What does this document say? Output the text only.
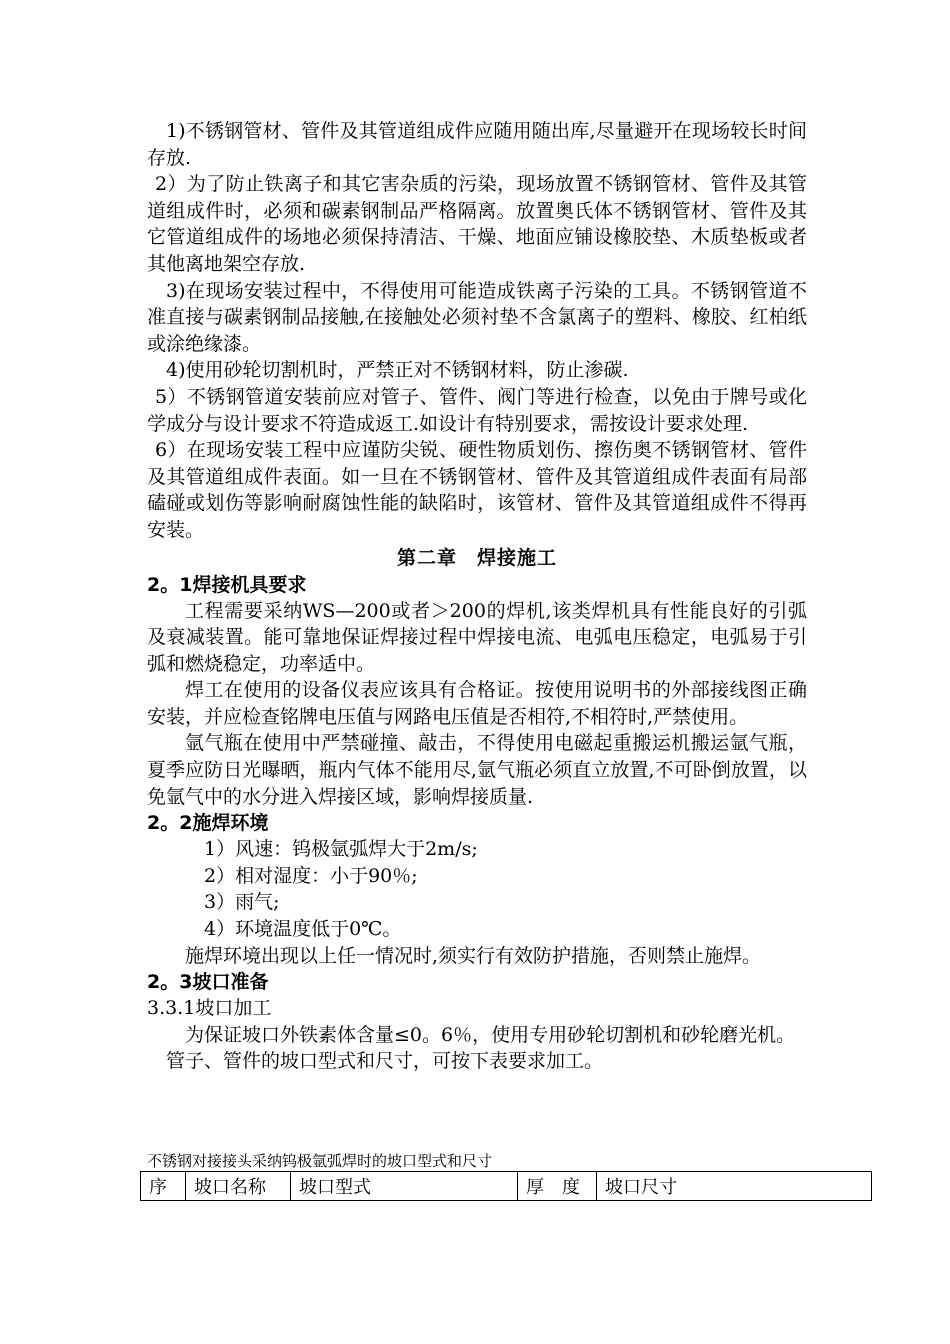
1)不锈钢管材、管件及其管道组成件应随用随出库,尽量避开在现场较长时间存放.

2）为了防止铁离子和其它害杂质的污染，现场放置不锈钢管材、管件及其管道组成件时，必须和碳素钢制品严格隔离。放置奥氏体不锈钢管材、管件及其它管道组成件的场地必须保持清洁、干燥、地面应铺设橡胶垫、木质垫板或者其他离地架空存放.

3)在现场安装过程中，不得使用可能造成铁离子污染的工具。不锈钢管道不准直接与碳素钢制品接触,在接触处必须衬垫不含氯离子的塑料、橡胶、红柏纸或涂绝缘漆。

4)使用砂轮切割机时，严禁正对不锈钢材料，防止渗碳.

5）不锈钢管道安装前应对管子、管件、阀门等进行检查，以免由于牌号或化学成分与设计要求不符造成返工.如设计有特别要求，需按设计要求处理.

6）在现场安装工程中应谨防尖锐、硬性物质划伤、擦伤奥不锈钢管材、管件及其管道组成件表面。如一旦在不锈钢管材、管件及其管道组成件表面有局部磕碰或划伤等影响耐腐蚀性能的缺陷时，该管材、管件及其管道组成件不得再安装。

第二章　焊接施工

2。1焊接机具要求

工程需要采纳WS—200或者＞200的焊机,该类焊机具有性能良好的引弧及衰减装置。能可靠地保证焊接过程中焊接电流、电弧电压稳定，电弧易于引弧和燃烧稳定，功率适中。

焊工在使用的设备仪表应该具有合格证。按使用说明书的外部接线图正确安装，并应检查铭牌电压值与网路电压值是否相符,不相符时,严禁使用。

氩气瓶在使用中严禁碰撞、敲击，不得使用电磁起重搬运机搬运氩气瓶，夏季应防日光曝晒，瓶内气体不能用尽,氩气瓶必须直立放置,不可卧倒放置，以免氩气中的水分进入焊接区域，影响焊接质量.

2。2施焊环境

1）风速：钨极氩弧焊大于2m/s;

2）相对湿度：小于90％;

3）雨气;

4）环境温度低于0℃。

施焊环境出现以上任一情况时,须实行有效防护措施，否则禁止施焊。

2。3坡口准备

3.3.1坡口加工

为保证坡口外铁素体含量≤0。6％，使用专用砂轮切割机和砂轮磨光机。

管子、管件的坡口型式和尺寸，可按下表要求加工。

不锈钢对接接头采纳钨极氩弧焊时的坡口型式和尺寸
序	坡口名称	坡口型式	厚　度	坡口尺寸
